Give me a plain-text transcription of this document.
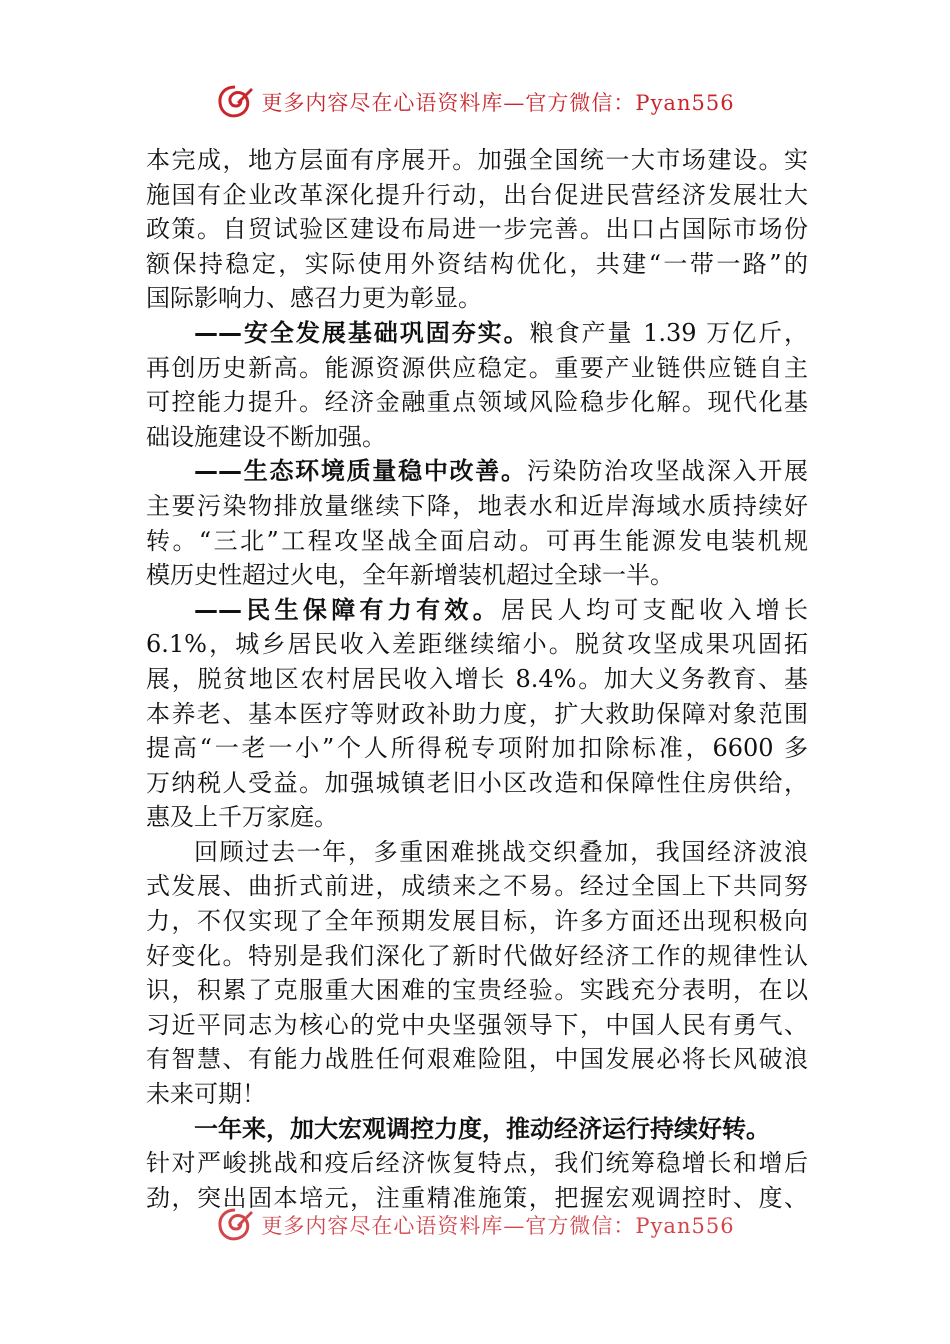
更多内容尽在心语资料库—官方微信：Pyan556
本完成，地方层面有序展开。加强全国统一大市场建设。实
施国有企业改革深化提升行动，出台促进民营经济发展壮大
政策。自贸试验区建设布局进一步完善。出口占国际市场份
额保持稳定，实际使用外资结构优化，共建“一带一路”的
国际影响力、感召力更为彰显。
——安全发展基础巩固夯实。粮食产量 1.39 万亿斤，
再创历史新高。能源资源供应稳定。重要产业链供应链自主
可控能力提升。经济金融重点领域风险稳步化解。现代化基
础设施建设不断加强。
——生态环境质量稳中改善。污染防治攻坚战深入开展
主要污染物排放量继续下降，地表水和近岸海域水质持续好
转。“三北”工程攻坚战全面启动。可再生能源发电装机规
模历史性超过火电，全年新增装机超过全球一半。
——民生保障有力有效。居民人均可支配收入增长
6.1%，城乡居民收入差距继续缩小。脱贫攻坚成果巩固拓
展，脱贫地区农村居民收入增长 8.4%。加大义务教育、基
本养老、基本医疗等财政补助力度，扩大救助保障对象范围
提高“一老一小”个人所得税专项附加扣除标准，6600 多
万纳税人受益。加强城镇老旧小区改造和保障性住房供给，
惠及上千万家庭。
回顾过去一年，多重困难挑战交织叠加，我国经济波浪
式发展、曲折式前进，成绩来之不易。经过全国上下共同努
力，不仅实现了全年预期发展目标，许多方面还出现积极向
好变化。特别是我们深化了新时代做好经济工作的规律性认
识，积累了克服重大困难的宝贵经验。实践充分表明，在以
习近平同志为核心的党中央坚强领导下，中国人民有勇气、
有智慧、有能力战胜任何艰难险阻，中国发展必将长风破浪
未来可期！
一年来，加大宏观调控力度，推动经济运行持续好转。
针对严峻挑战和疫后经济恢复特点，我们统筹稳增长和增后
劲，突出固本培元，注重精准施策，把握宏观调控时、度、
更多内容尽在心语资料库—官方微信：Pyan556
